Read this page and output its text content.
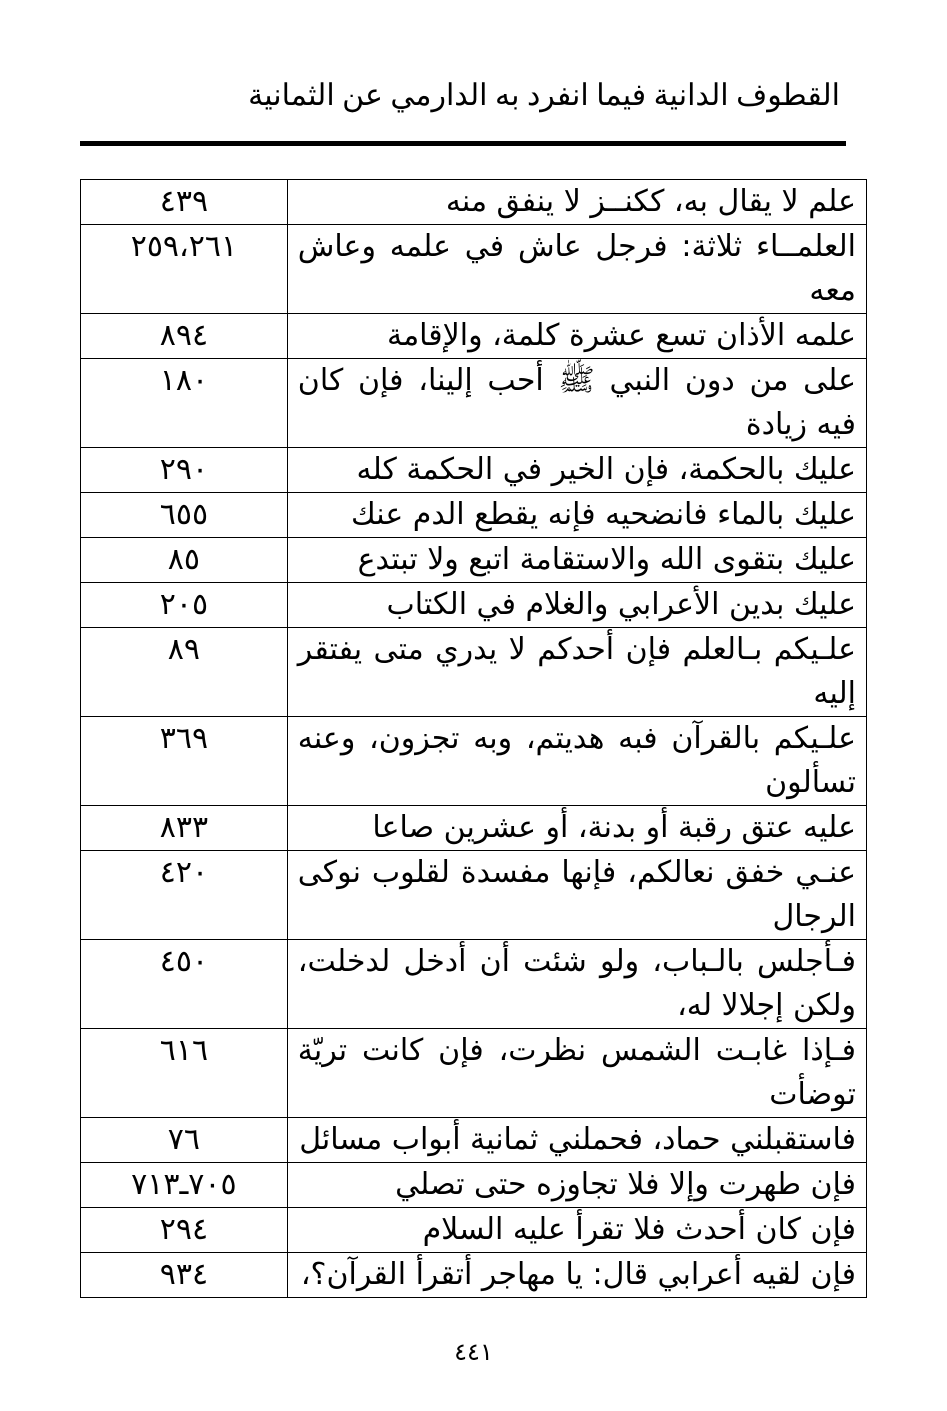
القطوف الدانية فيما انفرد به الدارمي عن الثمانية
علم لا يقال به، ككنــز لا ينفق منه	٤٣٩
العلمــاء ثلاثة: فرجل عاش في علمه وعاش معه	٢٥٩،٢٦١
علمه الأذان تسع عشرة كلمة، والإقامة	٨٩٤
على من دون النبي ﷺ أحب إلينا، فإن كان فيه زيادة	١٨٠
عليك بالحكمة، فإن الخير في الحكمة كله	٢٩٠
عليك بالماء فانضحيه فإنه يقطع الدم عنك	٦٥٥
عليك بتقوى الله والاستقامة اتبع ولا تبتدع	٨٥
عليك بدين الأعرابي والغلام في الكتاب	٢٠٥
علـيكم بـالعلم فإن أحدكم لا يدري متى يفتقر إليه	٨٩
علـيكم بالقرآن فبه هديتم، وبه تجزون، وعنه تسألون	٣٦٩
عليه عتق رقبة أو بدنة، أو عشرين صاعا	٨٣٣
عنـي خفق نعالكم، فإنها مفسدة لقلوب نوكى الرجال	٤٢٠
فـأجلس بالـباب، ولو شئت أن أدخل لدخلت، ولكن إجلالا له،	٤٥٠
فـإذا غابـت الشمس نظرت، فإن كانت تريّة توضأت	٦١٦
فاستقبلني حماد، فحملني ثمانية أبواب مسائل	٧٦
فإن طهرت وإلا فلا تجاوزه حتى تصلي	٧٠٥ـ٧١٣
فإن كان أحدث فلا تقرأ عليه السلام	٢٩٤
فإن لقيه أعرابي قال: يا مهاجر أتقرأ القرآن؟،	٩٣٤
٤٤١
